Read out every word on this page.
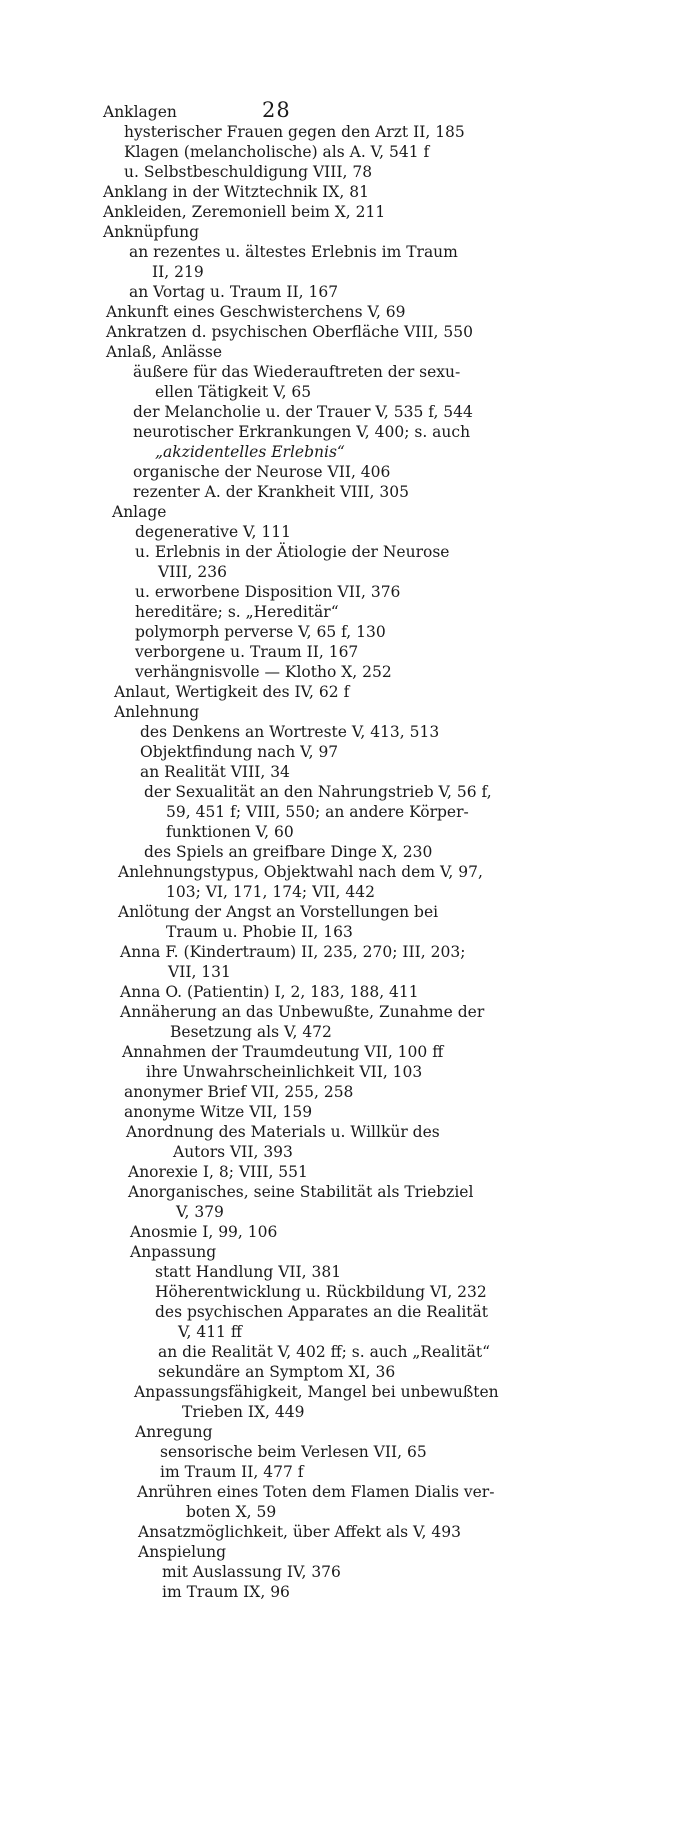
28
Anklagen
hysterischer Frauen gegen den Arzt II, 185
Klagen (melancholische) als A. V, 541 f
u. Selbstbeschuldigung VIII, 78
Anklang in der Witztechnik IX, 81
Ankleiden, Zeremoniell beim X, 211
Anknüpfung
an rezentes u. ältestes Erlebnis im Traum
II, 219
an Vortag u. Traum II, 167
Ankunft eines Geschwisterchens V, 69
Ankratzen d. psychischen Oberfläche VIII, 550
Anlaß, Anlässe
äußere für das Wiederauftreten der sexu-
ellen Tätigkeit V, 65
der Melancholie u. der Trauer V, 535 f, 544
neurotischer Erkrankungen V, 400; s. auch
„akzidentelles Erlebnis“
organische der Neurose VII, 406
rezenter A. der Krankheit VIII, 305
Anlage
degenerative V, 111
u. Erlebnis in der Ätiologie der Neurose
VIII, 236
u. erworbene Disposition VII, 376
hereditäre; s. „Hereditär“
polymorph perverse V, 65 f, 130
verborgene u. Traum II, 167
verhängnisvolle — Klotho X, 252
Anlaut, Wertigkeit des IV, 62 f
Anlehnung
des Denkens an Wortreste V, 413, 513
Objektfindung nach V, 97
an Realität VIII, 34
der Sexualität an den Nahrungstrieb V, 56 f,
59, 451 f; VIII, 550; an andere Körper-
funktionen V, 60
des Spiels an greifbare Dinge X, 230
Anlehnungstypus, Objektwahl nach dem V, 97,
103; VI, 171, 174; VII, 442
Anlötung der Angst an Vorstellungen bei
Traum u. Phobie II, 163
Anna F. (Kindertraum) II, 235, 270; III, 203;
VII, 131
Anna O. (Patientin) I, 2, 183, 188, 411
Annäherung an das Unbewußte, Zunahme der
Besetzung als V, 472
Annahmen der Traumdeutung VII, 100 ff
ihre Unwahrscheinlichkeit VII, 103
anonymer Brief VII, 255, 258
anonyme Witze VII, 159
Anordnung des Materials u. Willkür des
Autors VII, 393
Anorexie I, 8; VIII, 551
Anorganisches, seine Stabilität als Triebziel
V, 379
Anosmie I, 99, 106
Anpassung
statt Handlung VII, 381
Höherentwicklung u. Rückbildung VI, 232
des psychischen Apparates an die Realität
V, 411 ff
an die Realität V, 402 ff; s. auch „Realität“
sekundäre an Symptom XI, 36
Anpassungsfähigkeit, Mangel bei unbewußten
Trieben IX, 449
Anregung
sensorische beim Verlesen VII, 65
im Traum II, 477 f
Anrühren eines Toten dem Flamen Dialis ver-
boten X, 59
Ansatzmöglichkeit, über Affekt als V, 493
Anspielung
mit Auslassung IV, 376
im Traum IX, 96
